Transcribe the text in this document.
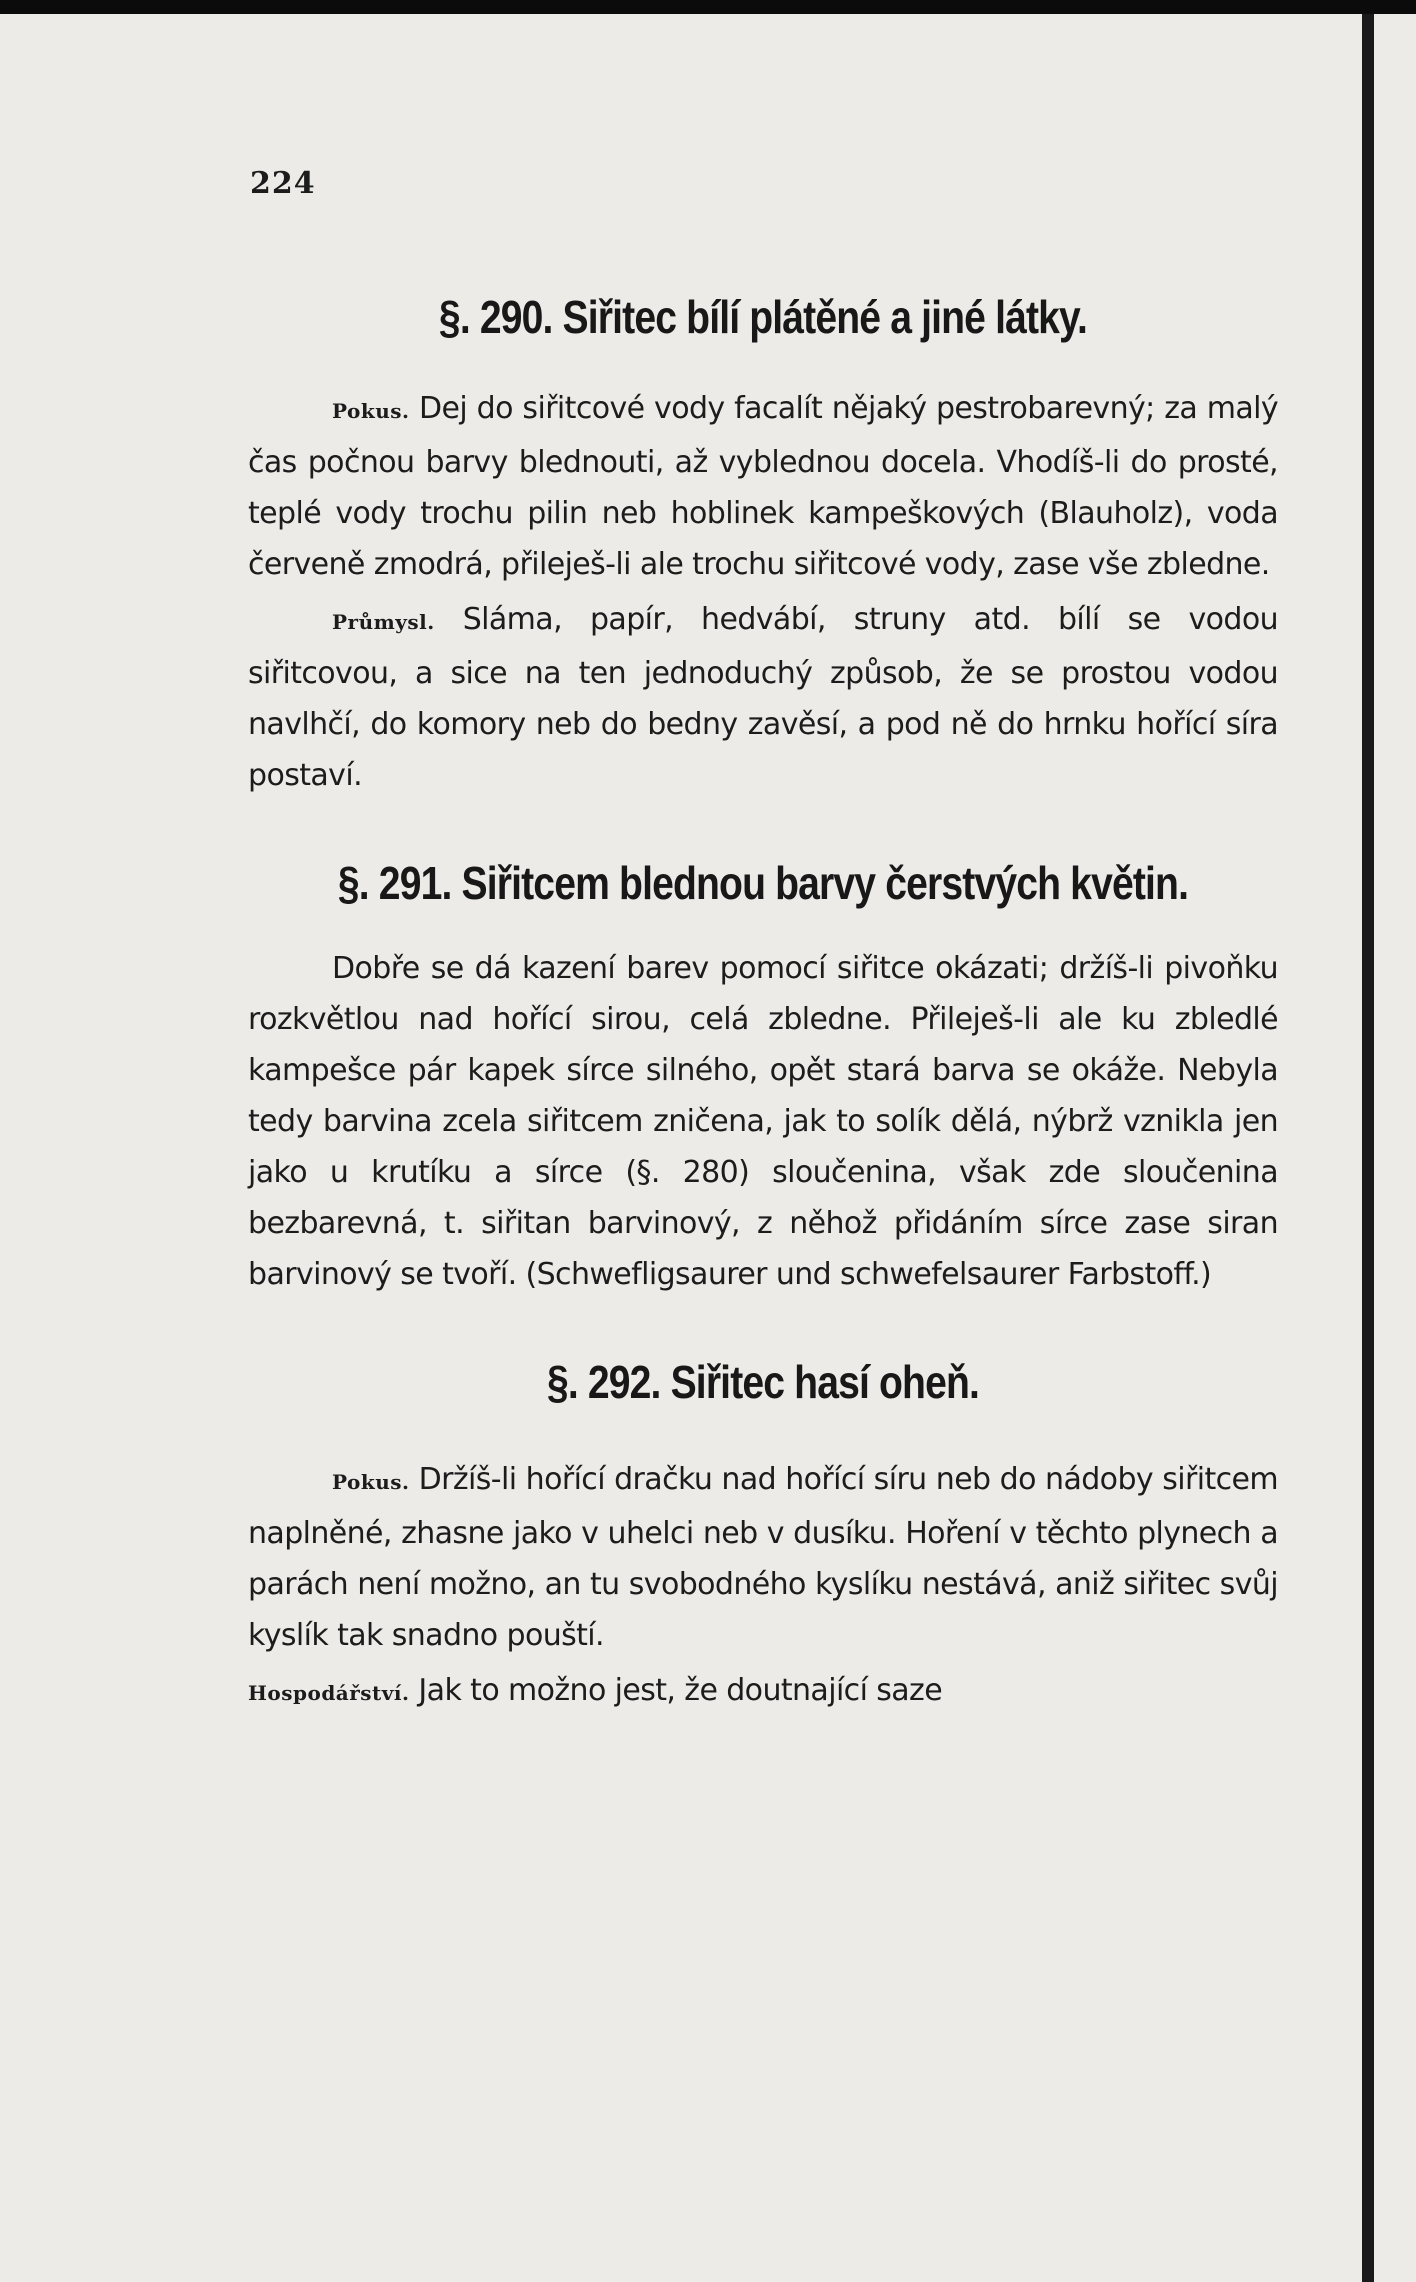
224

§. 290. Siřitec bílí plátěné a jiné látky.

Pokus. Dej do siřitcové vody facalít nějaký pestrobarevný; za malý čas počnou barvy blednouti, až vyblednou docela. Vhodíš-li do prosté, teplé vody trochu pilin neb hoblinek kampeškových (Blauholz), voda červeně zmodrá, přileješ-li ale trochu siřitcové vody, zase vše zbledne.

Průmysl. Sláma, papír, hedvábí, struny atd. bílí se vodou siřitcovou, a sice na ten jednoduchý způsob, že se prostou vodou navlhčí, do komory neb do bedny zavěsí, a pod ně do hrnku hořící síra postaví.

§. 291. Siřitcem blednou barvy čerstvých květin.

Dobře se dá kazení barev pomocí siřitce okázati; držíš-li pivoňku rozkvětlou nad hořící sirou, celá zbledne. Přileješ-li ale ku zbledlé kampešce pár kapek sírce silného, opět stará barva se okáže. Nebyla tedy barvina zcela siřitcem zničena, jak to solík dělá, nýbrž vznikla jen jako u krutíku a sírce (§. 280) sloučenina, však zde sloučenina bezbarevná, t. siřitan barvinový, z něhož přidáním sírce zase siran barvinový se tvoří. (Schwefligsaurer und schwefelsaurer Farbstoff.)

§. 292. Siřitec hasí oheň.

Pokus. Držíš-li hořící dračku nad hořící síru neb do nádoby siřitcem naplněné, zhasne jako v uhelci neb v dusíku. Hoření v těchto plynech a parách není možno, an tu svobodného kyslíku nestává, aniž siřitec svůj kyslík tak snadno pouští.

Hospodářství. Jak to možno jest, že doutnající saze
